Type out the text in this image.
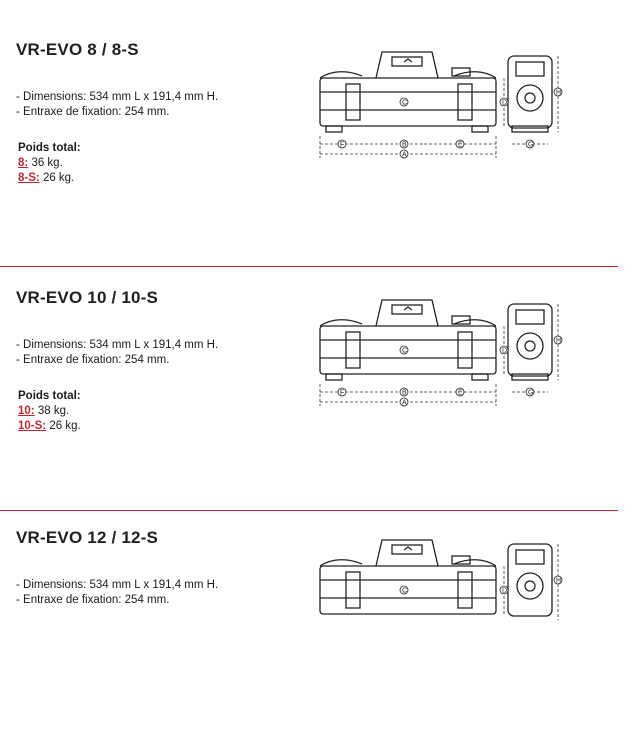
VR-EVO 8 / 8-S
- Dimensions: 534 mm L x 191,4 mm H.
- Entraxe de fixation: 254 mm.
Poids total:
8: 36 kg.
8-S: 26 kg.
F	B	E
A
C	D
H
G
VR-EVO 10 / 10-S
- Dimensions: 534 mm L x 191,4 mm H.
- Entraxe de fixation: 254 mm.
Poids total:
10: 38 kg.
10-S: 26 kg.
F	B	E
A
C	D
H
G
VR-EVO 12 / 12-S
- Dimensions: 534 mm L x 191,4 mm H.
- Entraxe de fixation: 254 mm.
C	D
H
